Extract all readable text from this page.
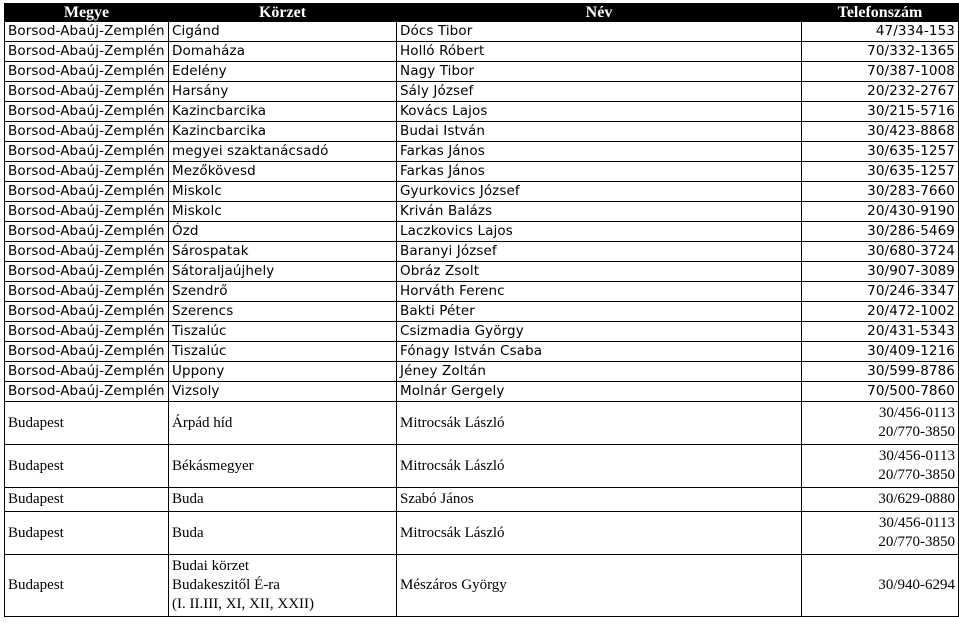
Megye	Körzet	Név	Telefonszám
Borsod-Abaúj-Zemplén	Cigánd	Dócs Tibor	47/334-153
Borsod-Abaúj-Zemplén	Domaháza	Holló Róbert	70/332-1365
Borsod-Abaúj-Zemplén	Edelény	Nagy Tibor	70/387-1008
Borsod-Abaúj-Zemplén	Harsány	Sály József	20/232-2767
Borsod-Abaúj-Zemplén	Kazincbarcika	Kovács Lajos	30/215-5716
Borsod-Abaúj-Zemplén	Kazincbarcika	Budai István	30/423-8868
Borsod-Abaúj-Zemplén	megyei szaktanácsadó	Farkas János	30/635-1257
Borsod-Abaúj-Zemplén	Mezőkövesd	Farkas János	30/635-1257
Borsod-Abaúj-Zemplén	Miskolc	Gyurkovics József	30/283-7660
Borsod-Abaúj-Zemplén	Miskolc	Kriván Balázs	20/430-9190
Borsod-Abaúj-Zemplén	Ózd	Laczkovics Lajos	30/286-5469
Borsod-Abaúj-Zemplén	Sárospatak	Baranyi József	30/680-3724
Borsod-Abaúj-Zemplén	Sátoraljaújhely	Obráz Zsolt	30/907-3089
Borsod-Abaúj-Zemplén	Szendrő	Horváth Ferenc	70/246-3347
Borsod-Abaúj-Zemplén	Szerencs	Bakti Péter	20/472-1002
Borsod-Abaúj-Zemplén	Tiszalúc	Csizmadia György	20/431-5343
Borsod-Abaúj-Zemplén	Tiszalúc	Fónagy István Csaba	30/409-1216
Borsod-Abaúj-Zemplén	Uppony	Jéney Zoltán	30/599-8786
Borsod-Abaúj-Zemplén	Vizsoly	Molnár Gergely	70/500-7860
Budapest	Árpád híd	Mitrocsák László	30/456-0113
20/770-3850

Budapest	Békásmegyer	Mitrocsák László	30/456-0113
20/770-3850

Budapest	Buda	Szabó János	30/629-0880

Budapest	Buda	Mitrocsák László	30/456-0113
20/770-3850

Budapest	Budai körzet
Budakeszitől É-ra
(I. II.III, XI, XII, XXII)	Mészáros György	30/940-6294
